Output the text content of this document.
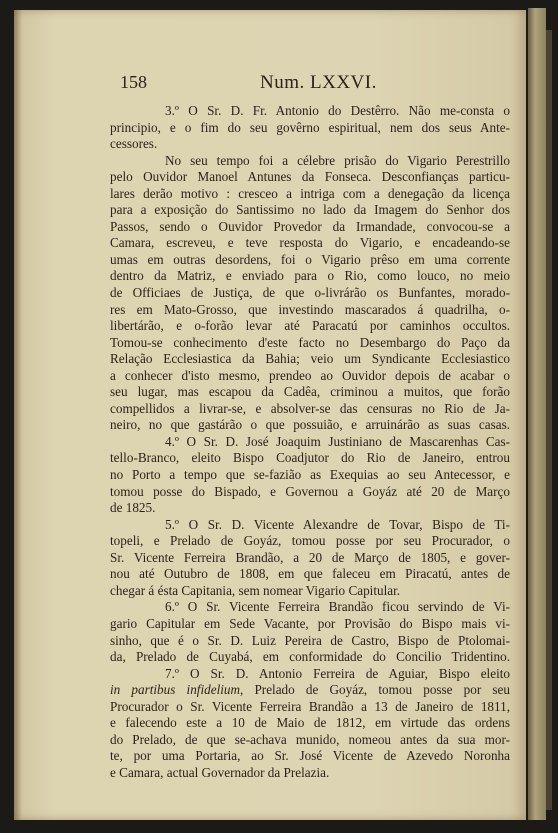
158	Num. LXXVI.
3.º O Sr. D. Fr. Antonio do Destêrro. Não me-consta o
principio, e o fim do seu govêrno espiritual, nem dos seus Ante-
cessores.
No seu tempo foi a célebre prisão do Vigario Perestrillo
pelo Ouvidor Manoel Antunes da Fonseca. Desconfianças particu-
lares derão motivo : cresceo a intriga com a denegação da licença
para a exposição do Santissimo no lado da Imagem do Senhor dos
Passos, sendo o Ouvidor Provedor da Irmandade, convocou-se a
Camara, escreveu, e teve resposta do Vigario, e encadeando-se
umas em outras desordens, foi o Vigario prêso em uma corrente
dentro da Matriz, e enviado para o Rio, como louco, no meio
de Officiaes de Justiça, de que o-livrárão os Bunfantes, morado-
res em Mato-Grosso, que investindo mascarados á quadrilha, o-
libertárão, e o-forão levar até Paracatú por caminhos occultos.
Tomou-se conhecimento d'este facto no Desembargo do Paço da
Relação Ecclesiastica da Bahia; veio um Syndicante Ecclesiastico
a conhecer d'isto mesmo, prendeo ao Ouvidor depois de acabar o
seu lugar, mas escapou da Cadêa, criminou a muitos, que forão
compellidos a livrar-se, e absolver-se das censuras no Rio de Ja-
neiro, no que gastárão o que possuião, e arruinárão as suas casas.
4.º O Sr. D. José Joaquim Justiniano de Mascarenhas Cas-
tello-Branco, eleito Bispo Coadjutor do Rio de Janeiro, entrou
no Porto a tempo que se-fazião as Exequias ao seu Antecessor, e
tomou posse do Bispado, e Governou a Goyáz até 20 de Março
de 1825.
5.º O Sr. D. Vicente Alexandre de Tovar, Bispo de Ti-
topeli, e Prelado de Goyáz, tomou posse por seu Procurador, o
Sr. Vicente Ferreira Brandão, a 20 de Março de 1805, e gover-
nou até Outubro de 1808, em que faleceu em Piracatú, antes de
chegar á ésta Capitania, sem nomear Vigario Capitular.
6.º O Sr. Vicente Ferreira Brandão ficou servindo de Vi-
gario Capitular em Sede Vacante, por Provisão do Bispo mais vi-
sinho, que é o Sr. D. Luiz Pereira de Castro, Bispo de Ptolomai-
da, Prelado de Cuyabá, em conformidade do Concilio Tridentino.
7.º O Sr. D. Antonio Ferreira de Aguiar, Bispo eleito
in partibus infidelium, Prelado de Goyáz, tomou posse por seu
Procurador o Sr. Vicente Ferreira Brandão a 13 de Janeiro de 1811,
e falecendo este a 10 de Maio de 1812, em virtude das ordens
do Prelado, de que se-achava munido, nomeou antes da sua mor-
te, por uma Portaria, ao Sr. José Vicente de Azevedo Noronha
e Camara, actual Governador da Prelazia.
